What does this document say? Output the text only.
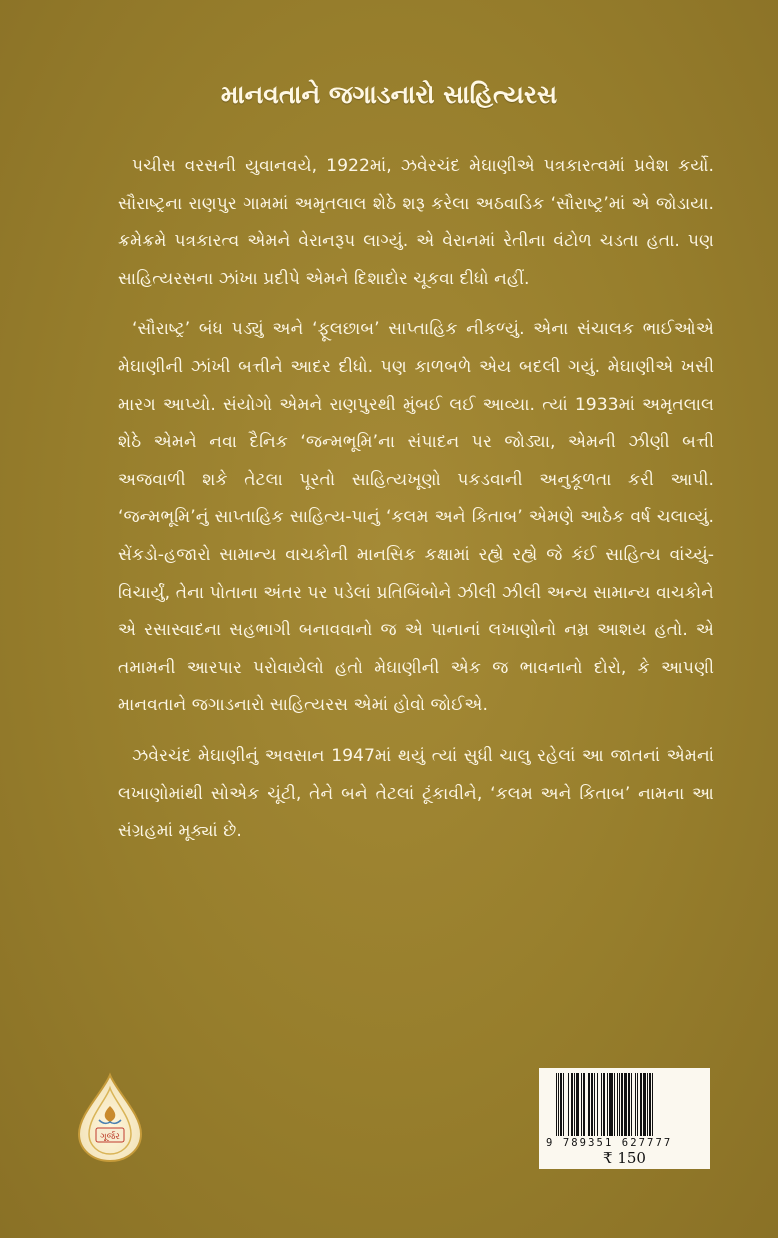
માનવતાને જગાડનારો સાહિત્યરસ

પચીસ વરસની યુવાનવયે, 1922માં, ઝવેરચંદ મેઘાણીએ પત્રકારત્વમાં પ્રવેશ કર્યો. સૌરાષ્ટ્રના રાણપુર ગામમાં અમૃતલાલ શેઠે શરૂ કરેલા અઠવાડિક ‘સૌરાષ્ટ્ર’માં એ જોડાયા. ક્રમેક્રમે પત્રકારત્વ એમને વેરાનરૂપ લાગ્યું. એ વેરાનમાં રેતીના વંટોળ ચડતા હતા. પણ સાહિત્યરસના ઝાંખા પ્રદીપે એમને દિશાદોર ચૂકવા દીધો નહીં.

‘સૌરાષ્ટ્ર’ બંધ પડ્યું અને ‘ફૂલછાબ’ સાપ્તાહિક નીકળ્યું. એના સંચાલક ભાઈઓએ મેઘાણીની ઝાંખી બત્તીને આદર દીધો. પણ કાળબળે એય બદલી ગયું. મેઘાણીએ ખસી મારગ આપ્યો. સંયોગો એમને રાણપુરથી મુંબઈ લઈ આવ્યા. ત્યાં 1933માં અમૃતલાલ શેઠે એમને નવા દૈનિક ‘જન્મભૂમિ’ના સંપાદન પર જોડ્યા, એમની ઝીણી બત્તી અજવાળી શકે તેટલા પૂરતો સાહિત્યખૂણો પકડવાની અનુકૂળતા કરી આપી. ‘જન્મભૂમિ’નું સાપ્તાહિક સાહિત્ય-પાનું ‘કલમ અને કિતાબ’ એમણે આઠેક વર્ષ ચલાવ્યું. સેંકડો-હજારો સામાન્ય વાચકોની માનસિક કક્ષામાં રહ્યે રહ્યે જે કંઈ સાહિત્ય વાંચ્યું-વિચાર્યું, તેના પોતાના અંતર પર પડેલાં પ્રતિબિંબોને ઝીલી ઝીલી અન્ય સામાન્ય વાચકોને એ રસાસ્વાદના સહભાગી બનાવવાનો જ એ પાનાનાં લખાણોનો નમ્ર આશય હતો. એ તમામની આરપાર પરોવાયેલો હતો મેઘાણીની એક જ ભાવનાનો દોરો, કે આપણી માનવતાને જગાડનારો સાહિત્યરસ એમાં હોવો જોઈએ.

ઝવેરચંદ મેઘાણીનું અવસાન 1947માં થયું ત્યાં સુધી ચાલુ રહેલાં આ જાતનાં એમનાં લખાણોમાંથી સોએક ચૂંટી, તેને બને તેટલાં ટૂંકાવીને, ‘કલમ અને કિતાબ’ નામના આ સંગ્રહમાં મૂક્યાં છે.

ગૂર્જર	9 789351 627777
₹ 150
